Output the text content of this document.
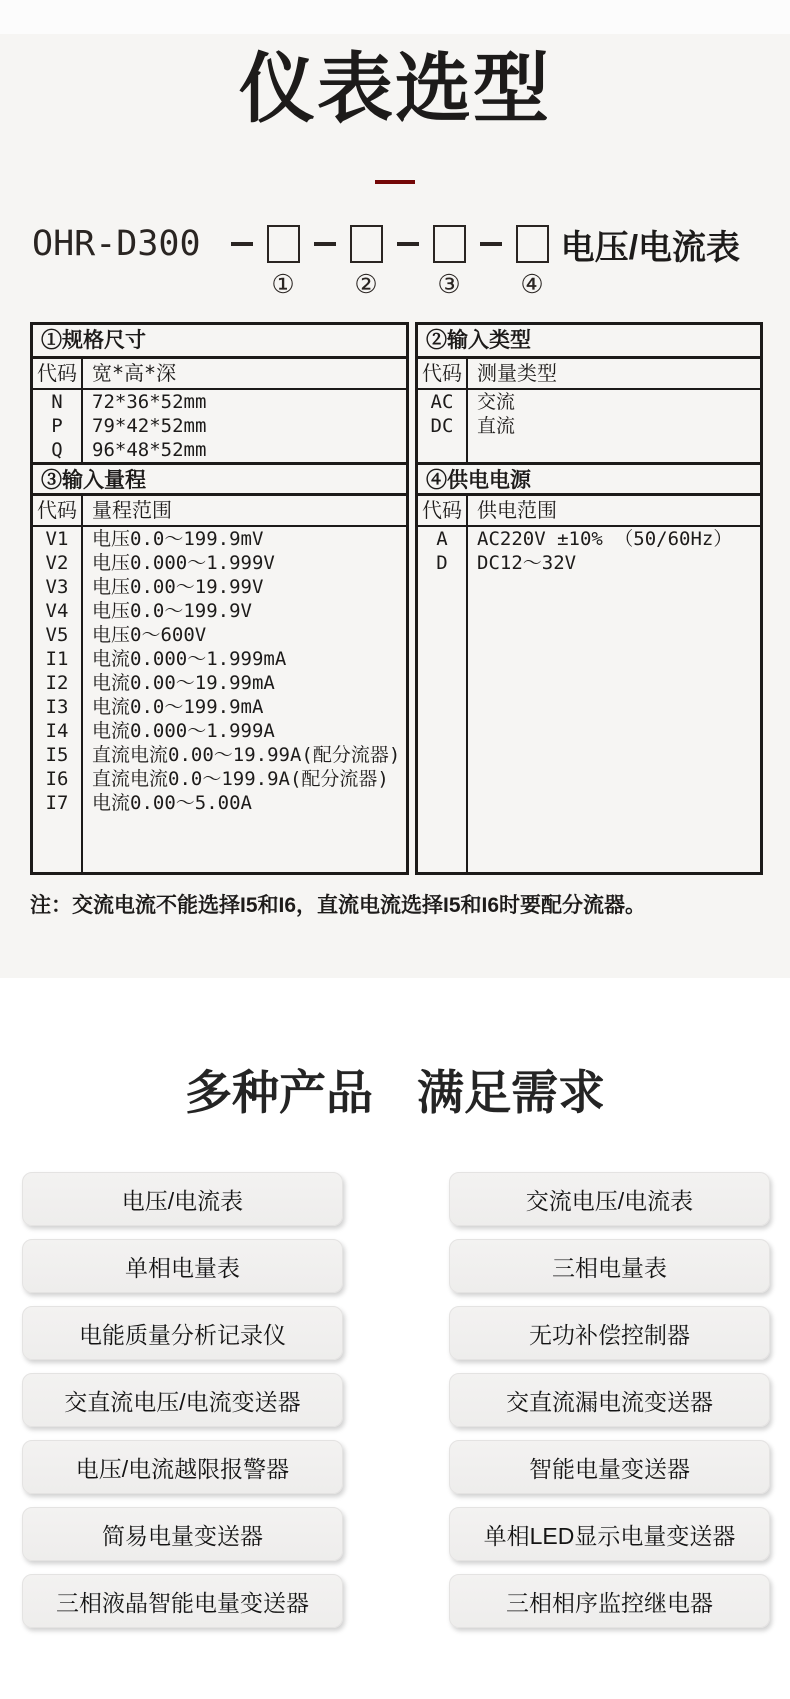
仪表选型
OHR-D300
① ② ③ ④
电压/电流表
①规格尺寸
代码 宽*高*深
N
P
Q
72*36*52mm
79*42*52mm
96*48*52mm
③输入量程
代码 量程范围
V1
V2
V3
V4
V5
I1
I2
I3
I4
I5
I6
I7
电压0.0～199.9mV
电压0.000～1.999V
电压0.00～19.99V
电压0.0～199.9V
电压0～600V
电流0.000～1.999mA
电流0.00～19.99mA
电流0.0～199.9mA
电流0.000～1.999A
直流电流0.00～19.99A(配分流器)
直流电流0.0～199.9A(配分流器)
电流0.00～5.00A
②输入类型
代码 测量类型
AC
DC
交流
直流
④供电电源
代码 供电范围
A
D
AC220V ±10% （50/60Hz）
DC12～32V
注：交流电流不能选择I5和I6，直流电流选择I5和I6时要配分流器。
多种产品 满足需求
电压/电流表
单相电量表
电能质量分析记录仪
交直流电压/电流变送器
电压/电流越限报警器
简易电量变送器
三相液晶智能电量变送器
交流电压/电流表
三相电量表
无功补偿控制器
交直流漏电流变送器
智能电量变送器
单相LED显示电量变送器
三相相序监控继电器
